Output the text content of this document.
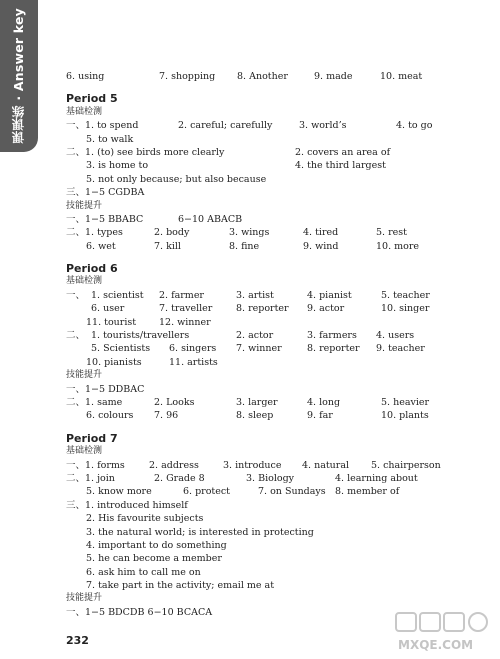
课课练 · Answer key	6. using	7. shopping 8. Another	9. made	10. meat
Period 5
基础检测
一、1. to spend	2. careful; carefully	3. world’s	4. to go
5. to walk
二、1. (to) see birds more clearly	2. covers an area of
3. is home to	4. the third largest
5. not only because; but also because
三、1−5 CGDBA
技能提升
一、1−5 BBABC	6−10 ABACB
二、1. types	2. body	3. wings	4. tired	5. rest
6. wet	7. kill	8. fine	9. wind	10. more
Period 6
基础检测
一、 1. scientist 2. farmer	3. artist	4. pianist	5. teacher
6. user	7. traveller 8. reporter 9. actor	10. singer
11. tourist 12. winner
二、 1. tourists/travellers	2. actor	3. farmers 4. users
5. Scientists 6. singers 7. winner	8. reporter 9. teacher
10. pianists	11. artists
技能提升
一、1−5 DDBAC
二、1. same	2. Looks	3. larger	4. long	5. heavier
6. colours 7. 96	8. sleep	9. far	10. plants
Period 7
基础检测
一、1. forms	2. address	3. introduce 4. natural 5. chairperson
二、1. join	2. Grade 8	3. Biology	4. learning about
5. know more	6. protect	7. on Sundays 8. member of
三、1. introduced himself
2. His favourite subjects
3. the natural world; is interested in protecting
4. important to do something
5. he can become a member
6. ask him to call me on
7. take part in the activity; email me at
技能提升
一、1−5 BDCDB 6−10 BCACA
232	MXQE.COM
